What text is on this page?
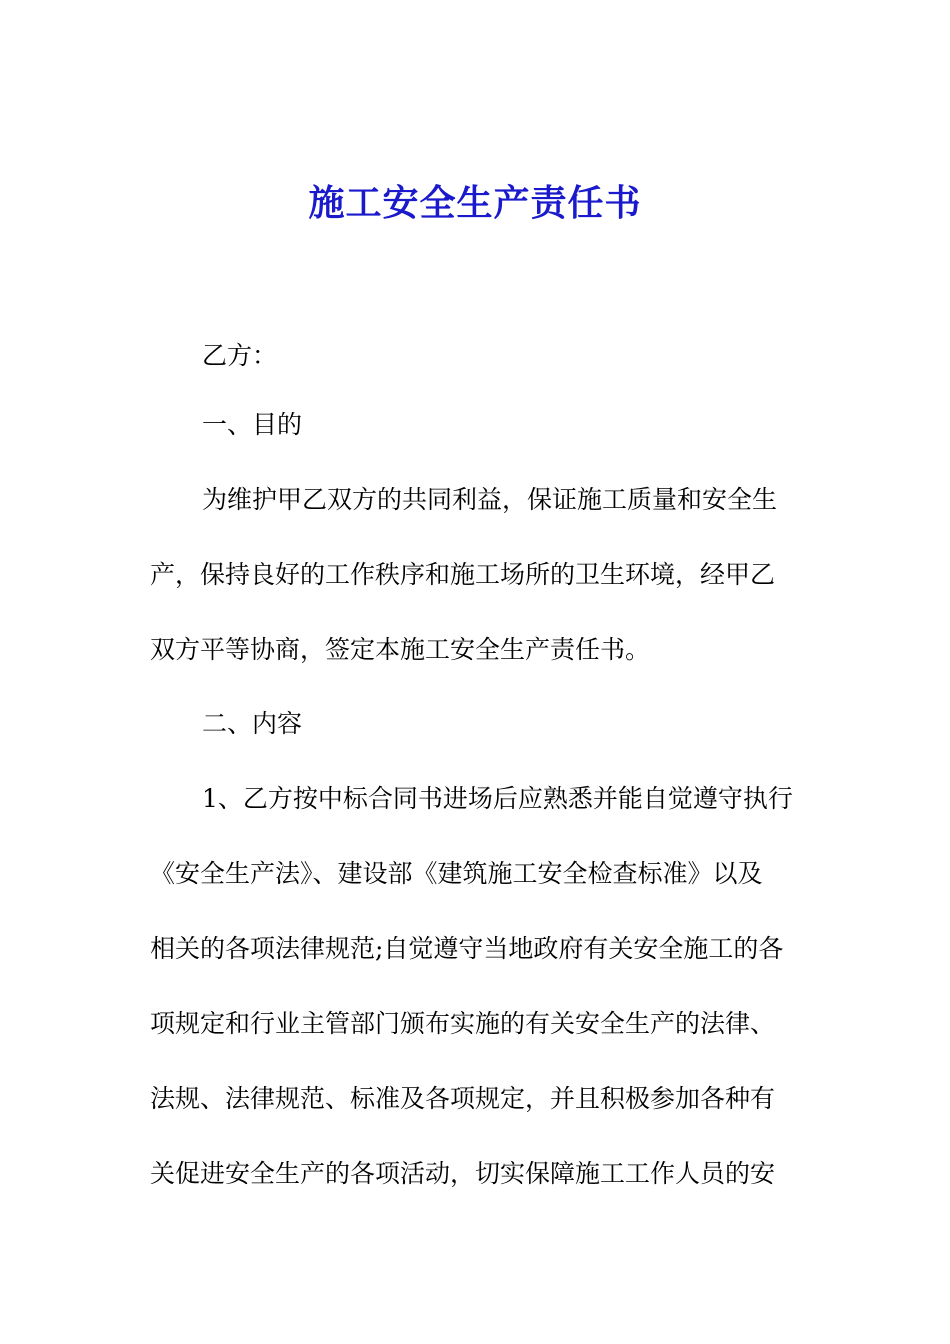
施工安全生产责任书
乙方：
一、目的
为维护甲乙双方的共同利益，保证施工质量和安全生
产，保持良好的工作秩序和施工场所的卫生环境，经甲乙
双方平等协商，签定本施工安全生产责任书。
二、内容
1、乙方按中标合同书进场后应熟悉并能自觉遵守执行
《安全生产法》、建设部《建筑施工安全检查标准》以及
相关的各项法律规范;自觉遵守当地政府有关安全施工的各
项规定和行业主管部门颁布实施的有关安全生产的法律、
法规、法律规范、标准及各项规定，并且积极参加各种有
关促进安全生产的各项活动，切实保障施工工作人员的安
